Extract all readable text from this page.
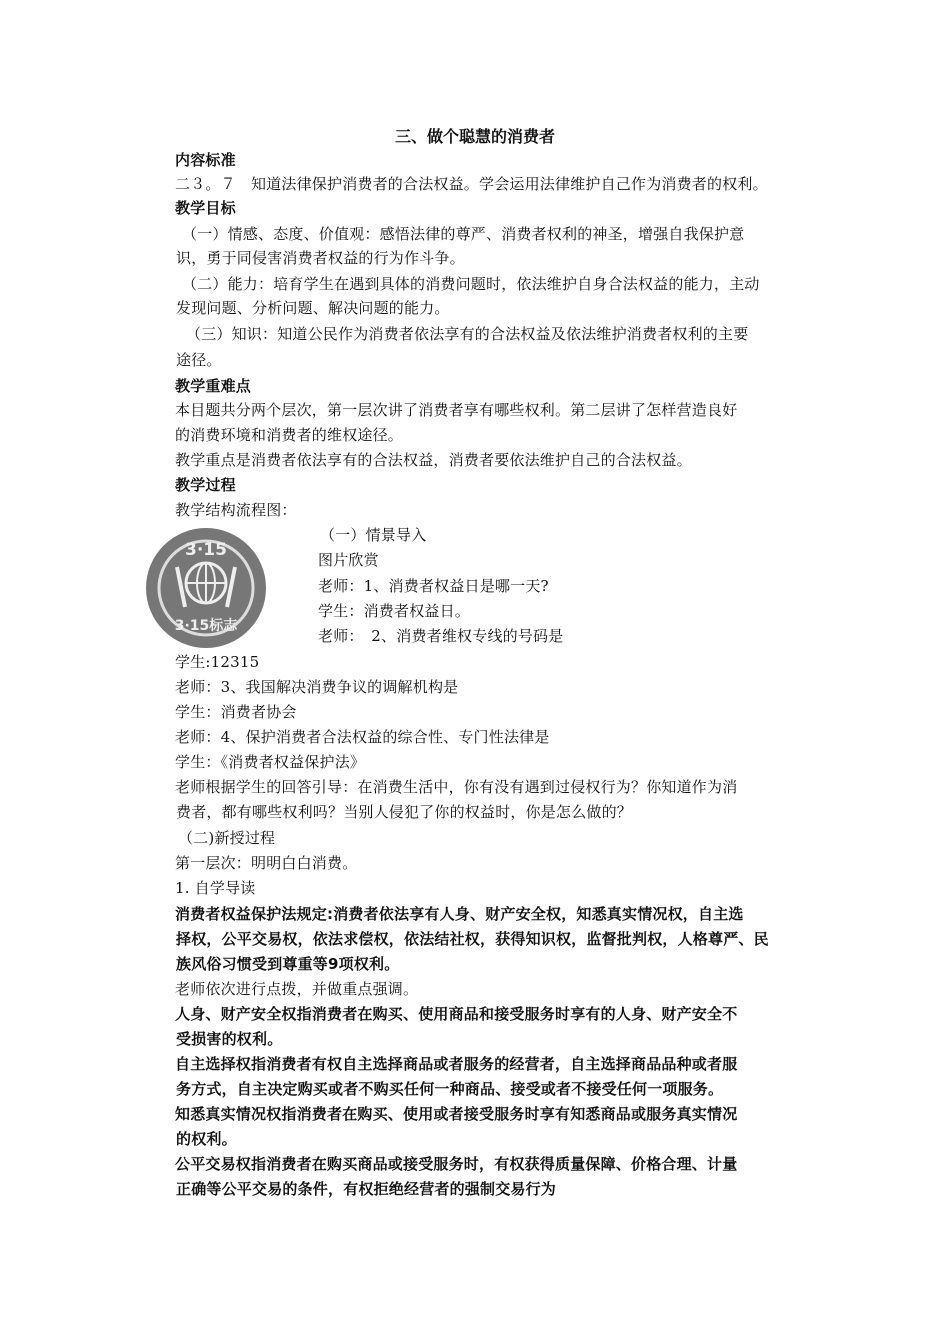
三、做个聪慧的消费者
3·15
3·15标志
内容标准
二３。７　知道法律保护消费者的合法权益。学会运用法律维护自己作为消费者的权利。
教学目标
（一）情感、态度、价值观：感悟法律的尊严、消费者权利的神圣，增强自我保护意
识，勇于同侵害消费者权益的行为作斗争。
（二）能力：培育学生在遇到具体的消费问题时，依法维护自身合法权益的能力，主动
发现问题、分析问题、解决问题的能力。
（三）知识：知道公民作为消费者依法享有的合法权益及依法维护消费者权利的主要
途径。
教学重难点
本目题共分两个层次，第一层次讲了消费者享有哪些权利。第二层讲了怎样营造良好
的消费环境和消费者的维权途径。
教学重点是消费者依法享有的合法权益，消费者要依法维护自己的合法权益。
教学过程
教学结构流程图：
（一）情景导入
图片欣赏
老师：1、消费者权益日是哪一天?
学生：消费者权益日。
老师：　2、消费者维权专线的号码是
学生:12315
老师：3、我国解决消费争议的调解机构是
学生：消费者协会
老师：4、保护消费者合法权益的综合性、专门性法律是
学生：《消费者权益保护法》
老师根据学生的回答引导：在消费生活中，你有没有遇到过侵权行为？你知道作为消
费者，都有哪些权利吗？当别人侵犯了你的权益时，你是怎么做的？
（二)新授过程
第一层次：明明白白消费。
1. 自学导读
消费者权益保护法规定:消费者依法享有人身、财产安全权，知悉真实情况权，自主选
择权，公平交易权，依法求偿权，依法结社权，获得知识权，监督批判权，人格尊严、民
族风俗习惯受到尊重等9项权利。
老师依次进行点拨，并做重点强调。
人身、财产安全权指消费者在购买、使用商品和接受服务时享有的人身、财产安全不
受损害的权利。
自主选择权指消费者有权自主选择商品或者服务的经营者，自主选择商品品种或者服
务方式，自主决定购买或者不购买任何一种商品、接受或者不接受任何一项服务。
知悉真实情况权指消费者在购买、使用或者接受服务时享有知悉商品或服务真实情况
的权利。
公平交易权指消费者在购买商品或接受服务时，有权获得质量保障、价格合理、计量
正确等公平交易的条件，有权拒绝经营者的强制交易行为
